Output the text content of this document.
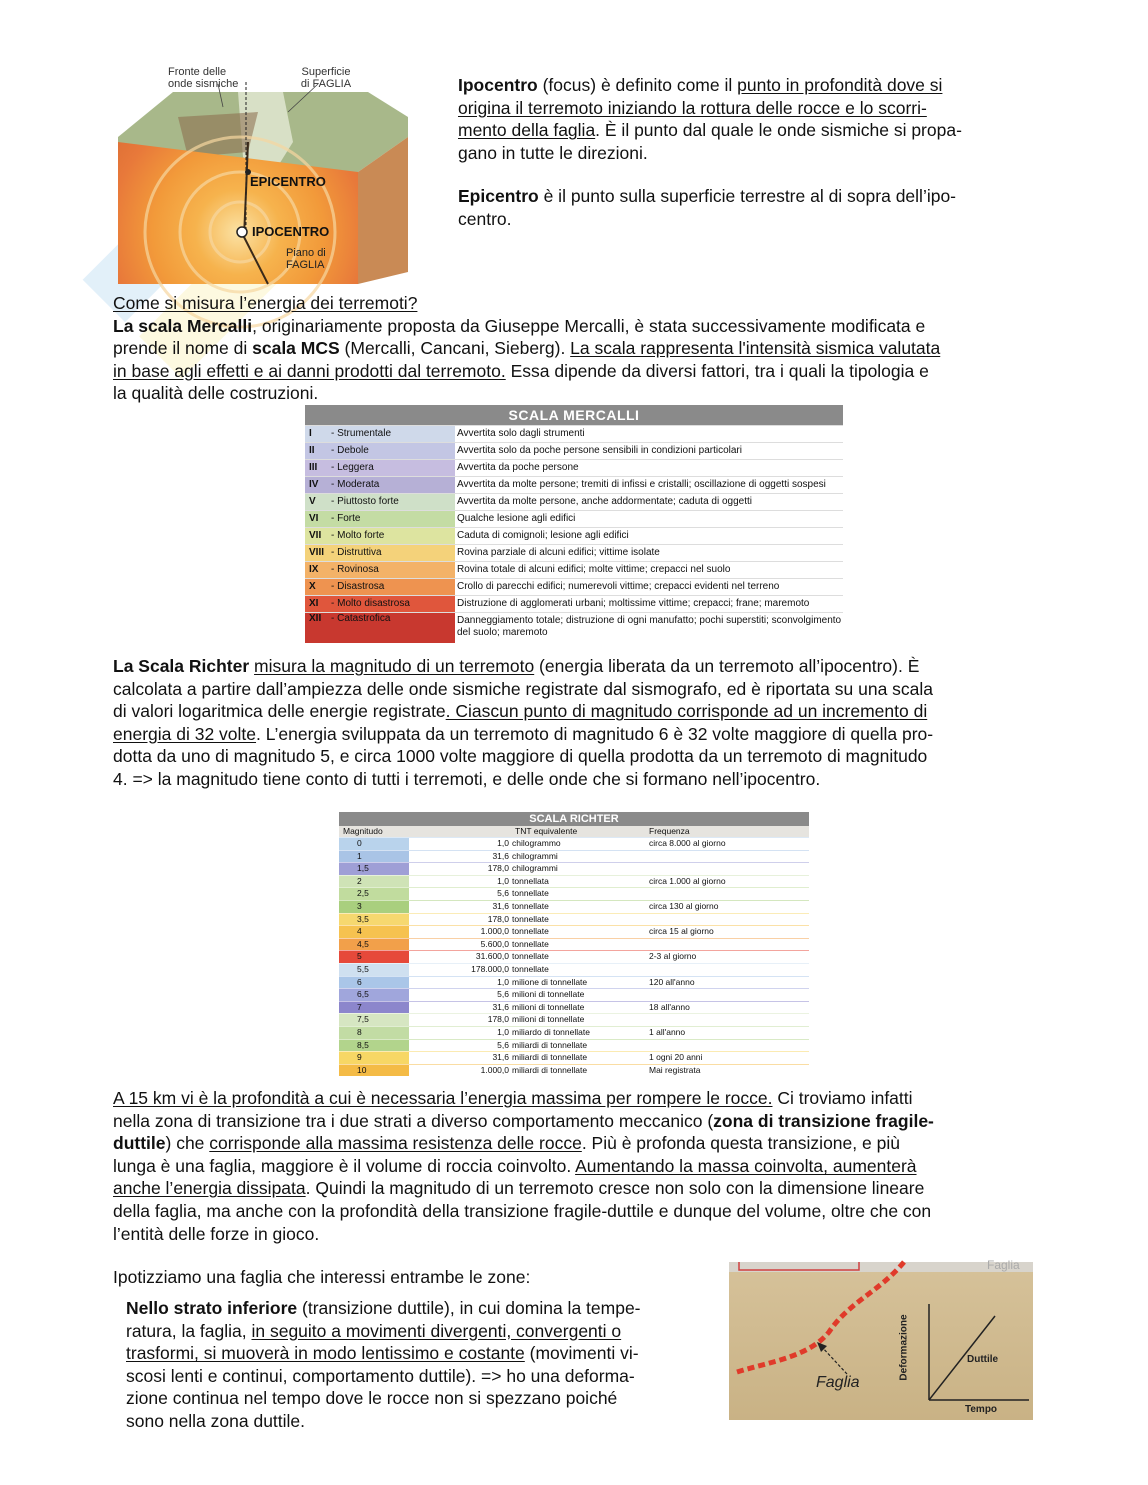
Fronte delle onde sismiche
Superficie di FAGLIA
EPICENTRO
IPOCENTRO
Piano di FAGLIA
Ipocentro (focus) è definito come il punto in profondità dove si
origina il terremoto iniziando la rottura delle rocce e lo scorri-
mento della faglia. È il punto dal quale le onde sismiche si propa-
gano in tutte le direzioni.
Epicentro è il punto sulla superficie terrestre al di sopra dell’ipo-
centro.
Come si misura l’energia dei terremoti?
La scala Mercalli, originariamente proposta da Giuseppe Mercalli, è stata successivamente modificata e
prende il nome di scala MCS (Mercalli, Cancani, Sieberg). La scala rappresenta l'intensità sismica valutata
in base agli effetti e ai danni prodotti dal terremoto. Essa dipende da diversi fattori, tra i quali la tipologia e
la qualità delle costruzioni.
SCALA MERCALLI
I - Strumentale	Avvertita solo dagli strumenti
II - Debole	Avvertita solo da poche persone sensibili in condizioni particolari
III - Leggera	Avvertita da poche persone
IV - Moderata	Avvertita da molte persone; tremiti di infissi e cristalli; oscillazione di oggetti sospesi
V - Piuttosto forte	Avvertita da molte persone, anche addormentate; caduta di oggetti
VI - Forte	Qualche lesione agli edifici
VII - Molto forte	Caduta di comignoli; lesione agli edifici
VIII - Distruttiva	Rovina parziale di alcuni edifici; vittime isolate
IX - Rovinosa	Rovina totale di alcuni edifici; molte vittime; crepacci nel suolo
X - Disastrosa	Crollo di parecchi edifici; numerevoli vittime; crepacci evidenti nel terreno
XI - Molto disastrosa	Distruzione di agglomerati urbani; moltissime vittime; crepacci; frane; maremoto
XII - Catastrofica	Danneggiamento totale; distruzione di ogni manufatto; pochi superstiti; sconvolgimento del suolo; maremoto
La Scala Richter misura la magnitudo di un terremoto (energia liberata da un terremoto all’ipocentro). È
calcolata a partire dall’ampiezza delle onde sismiche registrate dal sismografo, ed è riportata su una scala
di valori logaritmica delle energie registrate. Ciascun punto di magnitudo corrisponde ad un incremento di
energia di 32 volte. L’energia sviluppata da un terremoto di magnitudo 6 è 32 volte maggiore di quella pro-
dotta da uno di magnitudo 5, e circa 1000 volte maggiore di quella prodotta da un terremoto di magnitudo
4. => la magnitudo tiene conto di tutti i terremoti, e delle onde che si formano nell’ipocentro.
SCALA RICHTER
Magnitudo	TNT equivalente	Frequenza
0	1,0 chilogrammo	circa 8.000 al giorno
1	31,6 chilogrammi
1,5	178,0 chilogrammi
2	1,0 tonnellata	circa 1.000 al giorno
2,5	5,6 tonnellate
3	31,6 tonnellate	circa 130 al giorno
3,5	178,0 tonnellate
4	1.000,0 tonnellate	circa 15 al giorno
4,5	5.600,0 tonnellate
5	31.600,0 tonnellate	2-3 al giorno
5,5	178.000,0 tonnellate
6	1,0 milione di tonnellate	120 all'anno
6,5	5,6 milioni di tonnellate
7	31,6 milioni di tonnellate	18 all'anno
7,5	178,0 milioni di tonnellate
8	1,0 miliardo di tonnellate	1 all'anno
8,5	5,6 miliardi di tonnellate
9	31,6 miliardi di tonnellate	1 ogni 20 anni
10	1.000,0 miliardi di tonnellate	Mai registrata
A 15 km vi è la profondità a cui è necessaria l’energia massima per rompere le rocce. Ci troviamo infatti
nella zona di transizione tra i due strati a diverso comportamento meccanico (zona di transizione fragile-
duttile) che corrisponde alla massima resistenza delle rocce. Più è profonda questa transizione, e più
lunga è una faglia, maggiore è il volume di roccia coinvolto. Aumentando la massa coinvolta, aumenterà
anche l’energia dissipata. Quindi la magnitudo di un terremoto cresce non solo con la dimensione lineare
della faglia, ma anche con la profondità della transizione fragile-duttile e dunque del volume, oltre che con
l’entità delle forze in gioco.
Ipotizziamo una faglia che interessi entrambe le zone:
Nello strato inferiore (transizione duttile), in cui domina la tempe-
ratura, la faglia, in seguito a movimenti divergenti, convergenti o
trasformi, si muoverà in modo lentissimo e costante (movimenti vi-
scosi lenti e continui, comportamento duttile). => ho una deforma-
zione continua nel tempo dove le rocce non si spezzano poiché
sono nella zona duttile.
Faglia
Duttile
Tempo
Deformazione
Faglia
